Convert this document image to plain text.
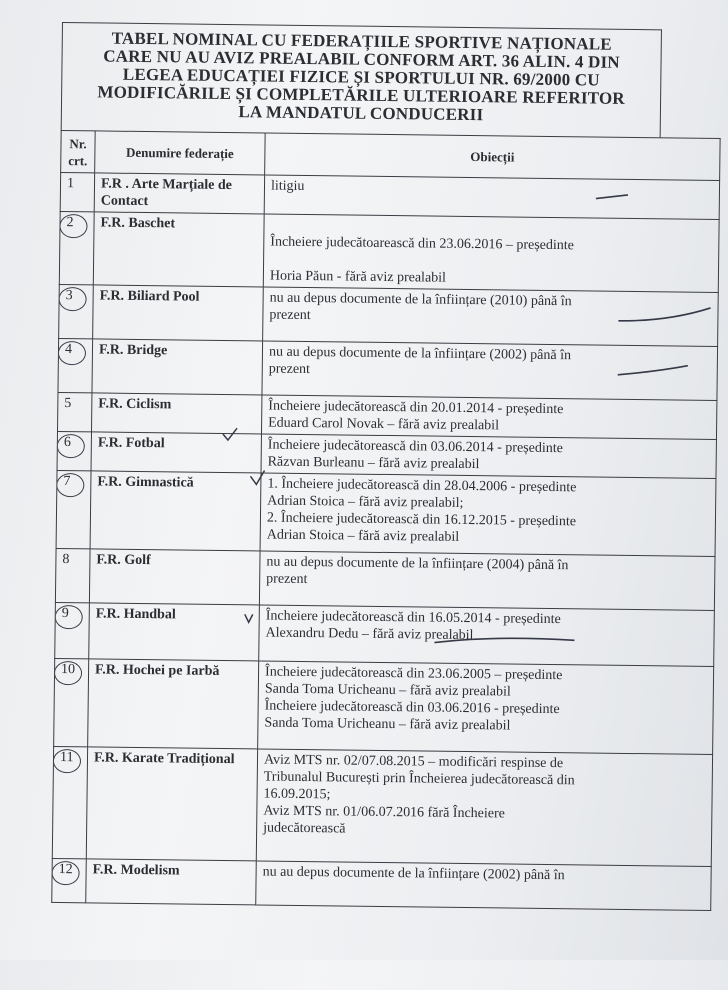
TABEL NOMINAL CU FEDERAȚIILE SPORTIVE NAȚIONALE
CARE NU AU AVIZ PREALABIL CONFORM ART. 36 ALIN. 4 DIN
LEGEA EDUCAȚIEI FIZICE ȘI SPORTULUI NR. 69/2000 CU
MODIFICĂRILE ȘI COMPLETĂRILE ULTERIOARE REFERITOR
LA MANDATUL CONDUCERII
Nr. crt.	Denumire federație	Obiecții
1	F.R . Arte Marțiale de Contact	litigiu

2	F.R. Baschet	Încheiere judecătoarească din 23.06.2016 – președinte

Horia Păun - fără aviz prealabil

3	F.R. Biliard Pool	nu au depus documente de la înființare (2010) până în
prezent

4	F.R. Bridge	nu au depus documente de la înființare (2002) până în
prezent

5	F.R. Ciclism	Încheiere judecătorească din 20.01.2014 - președinte
Eduard Carol Novak – fără aviz prealabil

6	F.R. Fotbal	Încheiere judecătorească din 03.06.2014 - președinte
Răzvan Burleanu – fără aviz prealabil

7	F.R. Gimnastică	1. Încheiere judecătorească din 28.04.2006 - președinte
Adrian Stoica – fără aviz prealabil;
2. Încheiere judecătorească din 16.12.2015 - președinte
Adrian Stoica – fără aviz prealabil

8	F.R. Golf	nu au depus documente de la înființare (2004) până în
prezent

9	F.R. Handbal	Încheiere judecătorească din 16.05.2014 - președinte
Alexandru Dedu – fără aviz prealabil

10	F.R. Hochei pe Iarbă	Încheiere judecătorească din 23.06.2005 – președinte
Sanda Toma Uricheanu – fără aviz prealabil
Încheiere judecătorească din 03.06.2016 - președinte
Sanda Toma Uricheanu – fără aviz prealabil

11	F.R. Karate Tradițional	Aviz MTS nr. 02/07.08.2015 – modificări respinse de
Tribunalul București prin Încheierea judecătorească din
16.09.2015;
Aviz MTS nr. 01/06.07.2016 fără Încheiere
judecătorească

12	F.R. Modelism	nu au depus documente de la înființare (2002) până în
